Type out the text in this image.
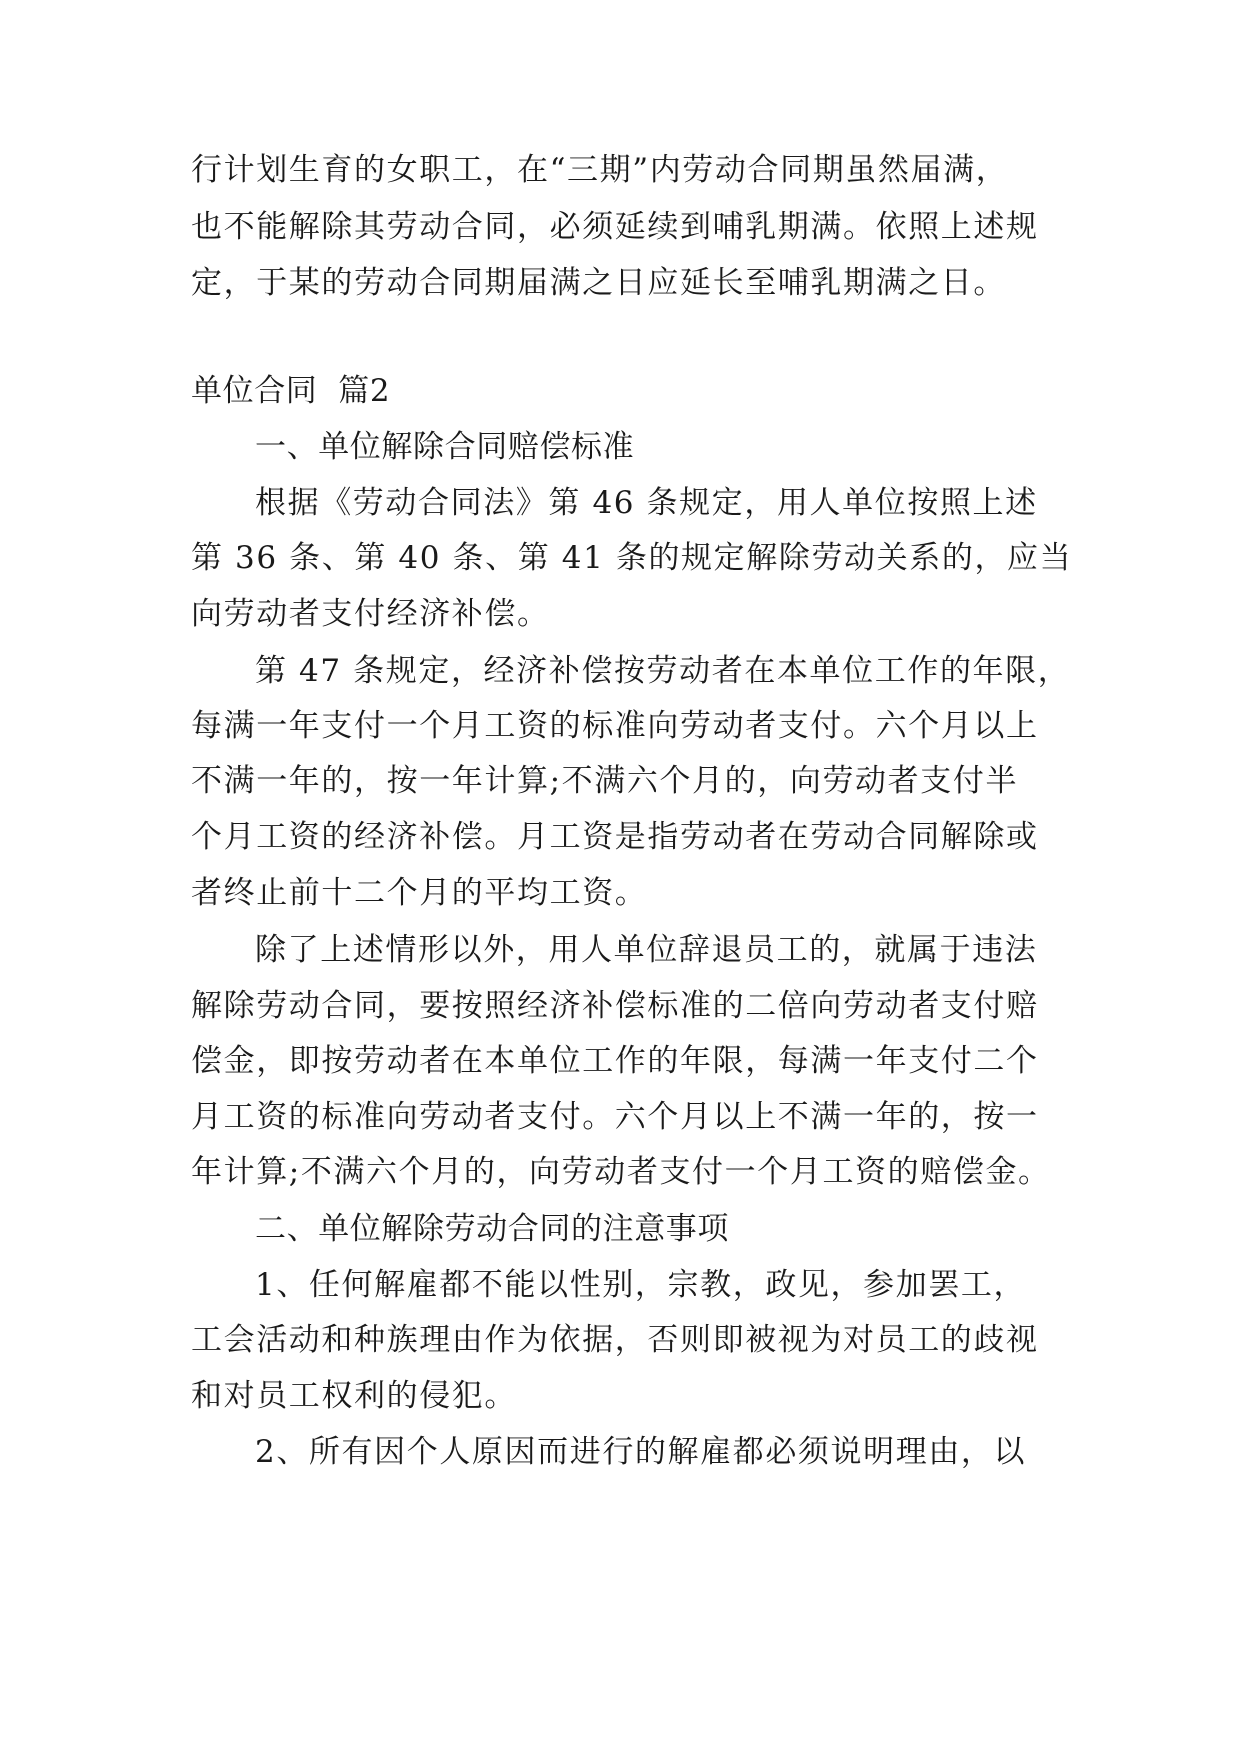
行计划生育的女职工，在“三期”内劳动合同期虽然届满，
也不能解除其劳动合同，必须延续到哺乳期满。依照上述规
定，于某的劳动合同期届满之日应延长至哺乳期满之日。
单位合同  篇2
一、单位解除合同赔偿标准
根据《劳动合同法》第 46 条规定，用人单位按照上述
第 36 条、第 40 条、第 41 条的规定解除劳动关系的，应当
向劳动者支付经济补偿。
第 47 条规定，经济补偿按劳动者在本单位工作的年限，
每满一年支付一个月工资的标准向劳动者支付。六个月以上
不满一年的，按一年计算;不满六个月的，向劳动者支付半
个月工资的经济补偿。月工资是指劳动者在劳动合同解除或
者终止前十二个月的平均工资。
除了上述情形以外，用人单位辞退员工的，就属于违法
解除劳动合同，要按照经济补偿标准的二倍向劳动者支付赔
偿金，即按劳动者在本单位工作的年限，每满一年支付二个
月工资的标准向劳动者支付。六个月以上不满一年的，按一
年计算;不满六个月的，向劳动者支付一个月工资的赔偿金。
二、单位解除劳动合同的注意事项
1、任何解雇都不能以性别，宗教，政见，参加罢工，
工会活动和种族理由作为依据，否则即被视为对员工的歧视
和对员工权利的侵犯。
2、所有因个人原因而进行的解雇都必须说明理由，以
